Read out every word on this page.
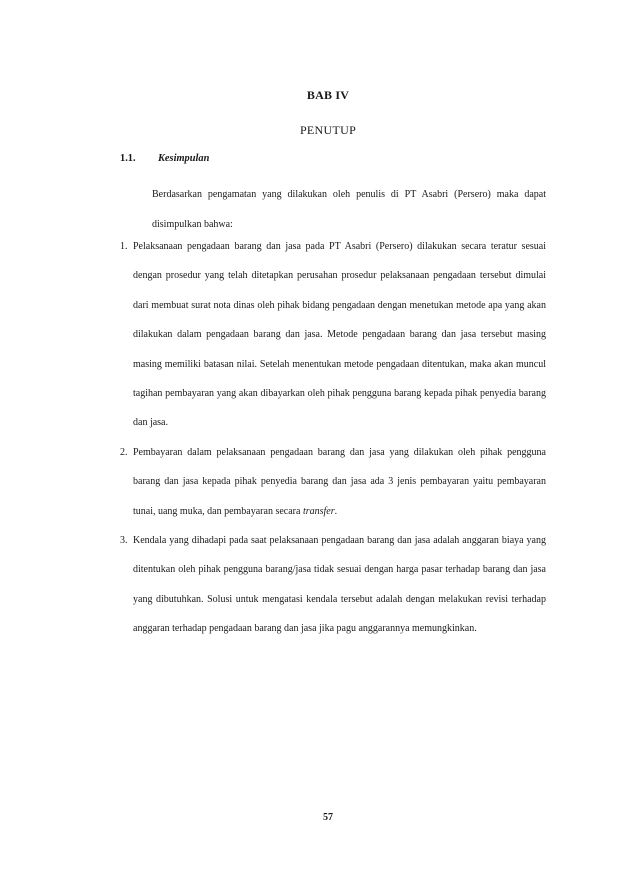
BAB IV
PENUTUP
1.1. Kesimpulan
Berdasarkan pengamatan yang dilakukan oleh penulis di PT Asabri (Persero) maka dapat disimpulkan bahwa:
1. Pelaksanaan pengadaan barang dan jasa pada PT Asabri (Persero) dilakukan secara teratur sesuai dengan prosedur yang telah ditetapkan perusahan prosedur pelaksanaan pengadaan tersebut dimulai dari membuat surat nota dinas oleh pihak bidang pengadaan dengan menetukan metode apa yang akan dilakukan dalam pengadaan barang dan jasa. Metode pengadaan barang dan jasa tersebut masing masing memiliki batasan nilai. Setelah menentukan metode pengadaan ditentukan, maka akan muncul tagihan pembayaran yang akan dibayarkan oleh pihak pengguna barang kepada pihak penyedia barang dan jasa.
2. Pembayaran dalam pelaksanaan pengadaan barang dan jasa yang dilakukan oleh pihak pengguna barang dan jasa kepada pihak penyedia barang dan jasa ada 3 jenis pembayaran yaitu pembayaran tunai, uang muka, dan pembayaran secara transfer.
3. Kendala yang dihadapi pada saat pelaksanaan pengadaan barang dan jasa adalah anggaran biaya yang ditentukan oleh pihak pengguna barang/jasa tidak sesuai dengan harga pasar terhadap barang dan jasa yang dibutuhkan. Solusi untuk mengatasi kendala tersebut adalah dengan melakukan revisi terhadap anggaran terhadap pengadaan barang dan jasa jika pagu anggarannya memungkinkan.
57
